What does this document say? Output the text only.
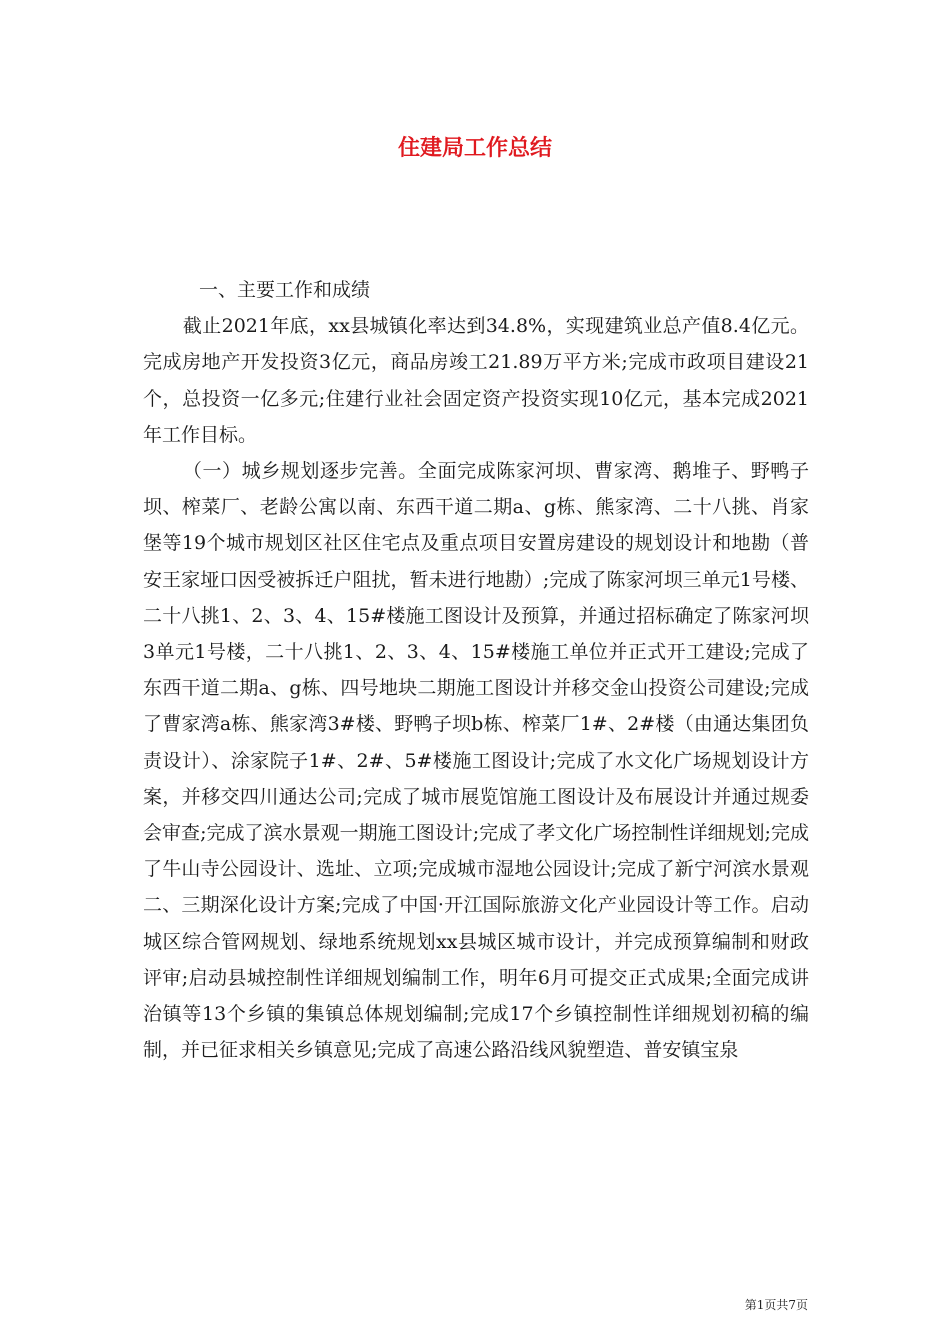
住建局工作总结

一、主要工作和成绩

截止2021年底，xx县城镇化率达到34.8%，实现建筑业总产值8.4亿元。完成房地产开发投资3亿元，商品房竣工21.89万平方米;完成市政项目建设21个，总投资一亿多元;住建行业社会固定资产投资实现10亿元，基本完成2021年工作目标。

（一）城乡规划逐步完善。全面完成陈家河坝、曹家湾、鹅堆子、野鸭子坝、榨菜厂、老龄公寓以南、东西干道二期a、g栋、熊家湾、二十八挑、肖家堡等19个城市规划区社区住宅点及重点项目安置房建设的规划设计和地勘（普安王家垭口因受被拆迁户阻扰，暂未进行地勘）;完成了陈家河坝三单元1号楼、二十八挑1、2、3、4、15#楼施工图设计及预算，并通过招标确定了陈家河坝3单元1号楼，二十八挑1、2、3、4、15#楼施工单位并正式开工建设;完成了东西干道二期a、g栋、四号地块二期施工图设计并移交金山投资公司建设;完成了曹家湾a栋、熊家湾3#楼、野鸭子坝b栋、榨菜厂1#、2#楼（由通达集团负责设计）、涂家院子1#、2#、5#楼施工图设计;完成了水文化广场规划设计方案，并移交四川通达公司;完成了城市展览馆施工图设计及布展设计并通过规委会审查;完成了滨水景观一期施工图设计;完成了孝文化广场控制性详细规划;完成了牛山寺公园设计、选址、立项;完成城市湿地公园设计;完成了新宁河滨水景观二、三期深化设计方案;完成了中国·开江国际旅游文化产业园设计等工作。启动城区综合管网规划、绿地系统规划xx县城区城市设计，并完成预算编制和财政评审;启动县城控制性详细规划编制工作，明年6月可提交正式成果;全面完成讲治镇等13个乡镇的集镇总体规划编制;完成17个乡镇控制性详细规划初稿的编制，并已征求相关乡镇意见;完成了高速公路沿线风貌塑造、普安镇宝泉

第1页共7页
